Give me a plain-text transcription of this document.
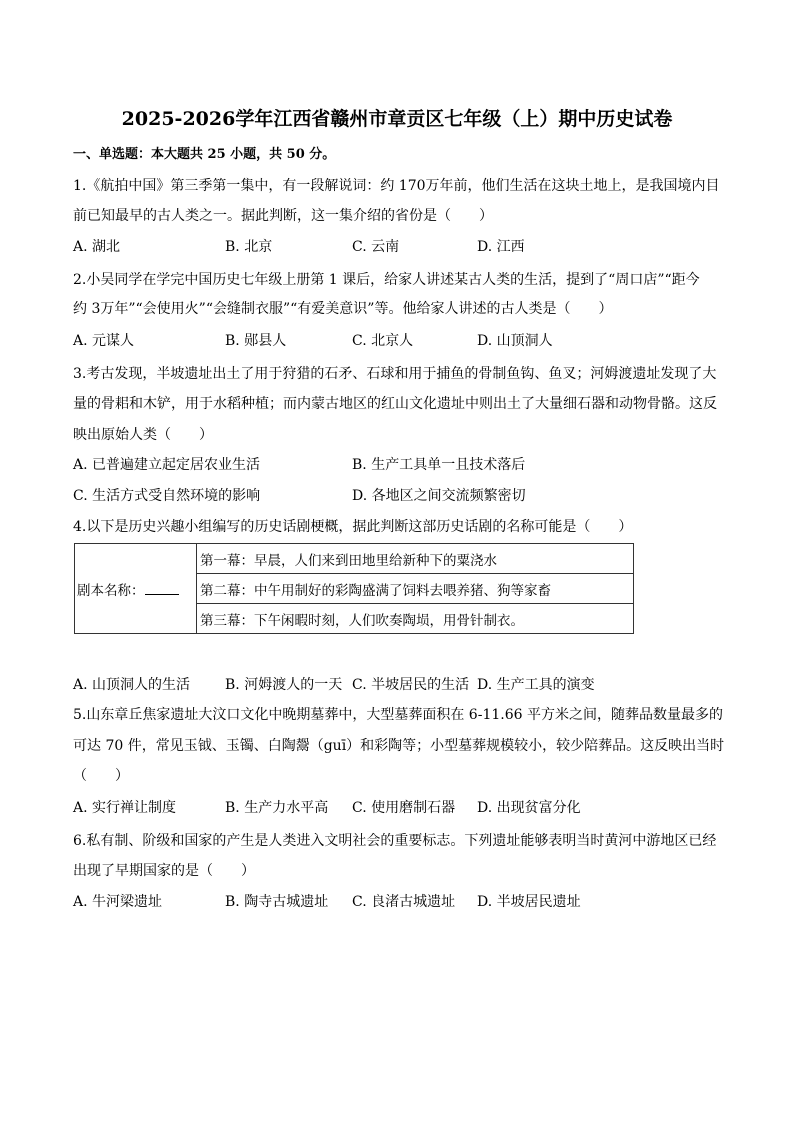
2025-2026学年江西省赣州市章贡区七年级（上）期中历史试卷
一、单选题：本大题共 25 小题，共 50 分。
1.《航拍中国》第三季第一集中，有一段解说词：约 170万年前，他们生活在这块土地上，是我国境内目
前已知最早的古人类之一。据此判断，这一集介绍的省份是（　　）
A. 湖北	B. 北京	C. 云南	D. 江西
2.小吴同学在学完中国历史七年级上册第 1 课后，给家人讲述某古人类的生活，提到了“周口店”“距今
约 3万年”“会使用火”“会缝制衣服”“有爱美意识”等。他给家人讲述的古人类是（　　）
A. 元谋人	B. 郧县人	C. 北京人	D. 山顶洞人
3.考古发现，半坡遗址出土了用于狩猎的石矛、石球和用于捕鱼的骨制鱼钩、鱼叉；河姆渡遗址发现了大
量的骨耜和木铲，用于水稻种植；而内蒙古地区的红山文化遗址中则出土了大量细石器和动物骨骼。这反
映出原始人类（　　）
A. 已普遍建立起定居农业生活	B. 生产工具单一且技术落后
C. 生活方式受自然环境的影响	D. 各地区之间交流频繁密切
4.以下是历史兴趣小组编写的历史话剧梗概，据此判断这部历史话剧的名称可能是（　　）
剧本名称：	第一幕：早晨，人们来到田地里给新种下的粟浇水
第二幕：中午用制好的彩陶盛满了饲料去喂养猪、狗等家畜
第三幕：下午闲暇时刻，人们吹奏陶埙，用骨针制衣。
A. 山顶洞人的生活 B. 河姆渡人的一天 C. 半坡居民的生活 D. 生产工具的演变
5.山东章丘焦家遗址大汶口文化中晚期墓葬中，大型墓葬面积在 6-11.66 平方米之间，随葬品数量最多的
可达 70 件，常见玉钺、玉镯、白陶鬶（guī）和彩陶等；小型墓葬规模较小，较少陪葬品。这反映出当时
（　　）
A. 实行禅让制度	B. 生产力水平高 C. 使用磨制石器 D. 出现贫富分化
6.私有制、阶级和国家的产生是人类进入文明社会的重要标志。下列遗址能够表明当时黄河中游地区已经
出现了早期国家的是（　　）
A. 牛河梁遗址	B. 陶寺古城遗址 C. 良渚古城遗址 D. 半坡居民遗址
